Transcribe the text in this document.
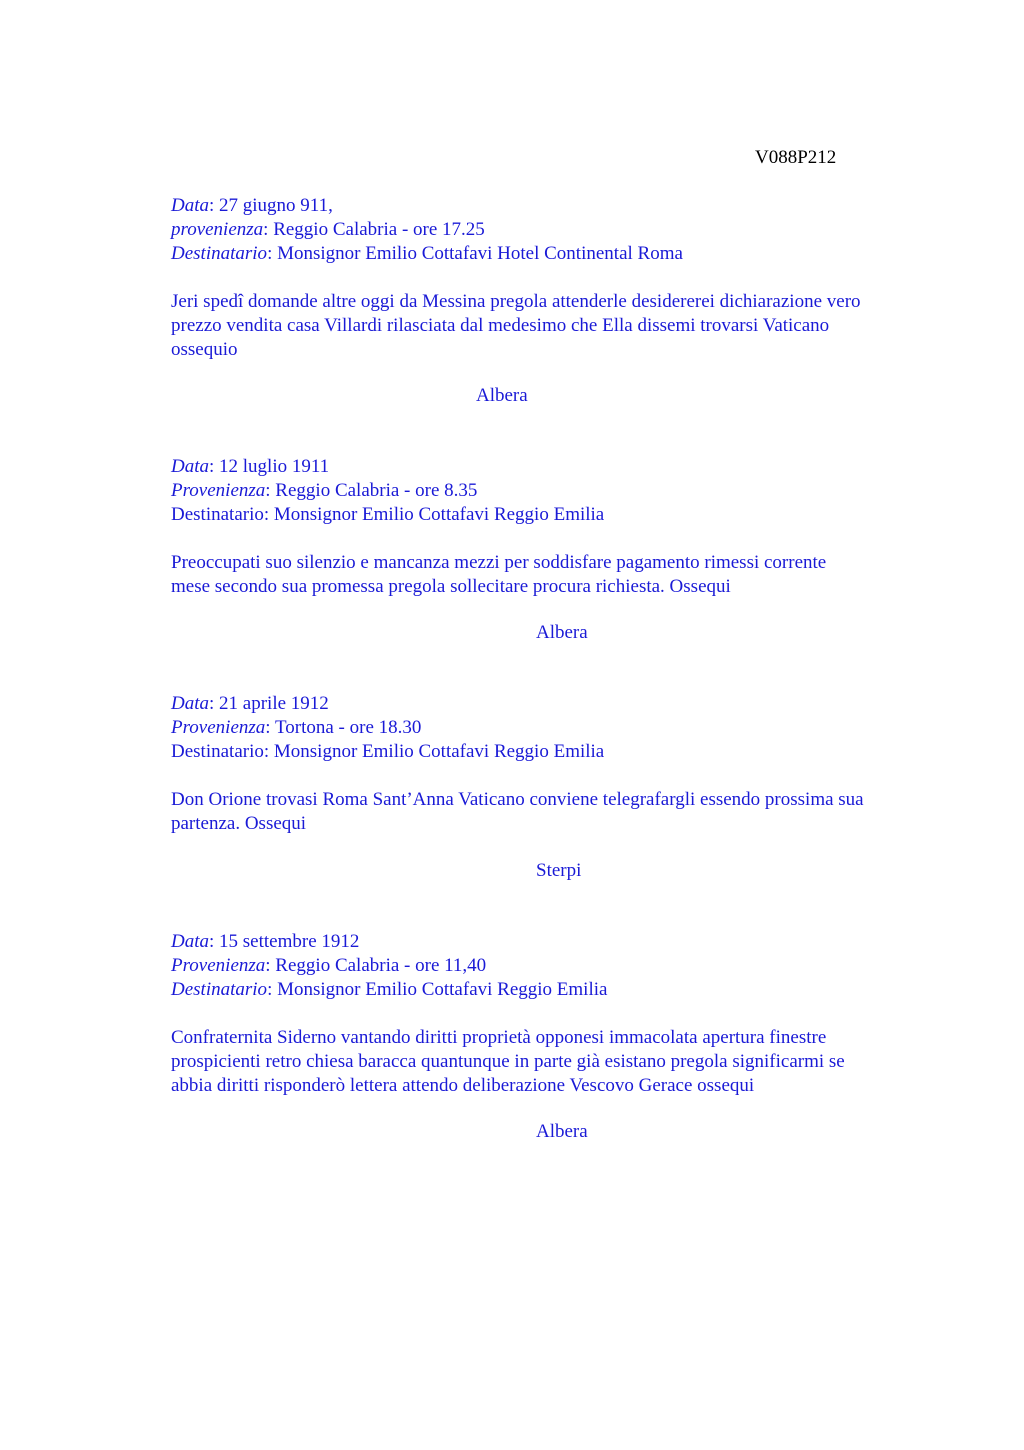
V088P212
Data: 27 giugno 911,
provenienza: Reggio Calabria - ore 17.25
Destinatario: Monsignor Emilio Cottafavi Hotel Continental Roma
Jeri spedî domande altre oggi da Messina pregola attenderle desidererei dichiarazione vero
prezzo vendita casa Villardi rilasciata dal medesimo che Ella dissemi trovarsi Vaticano
ossequio
Albera
Data: 12 luglio 1911
Provenienza: Reggio Calabria - ore 8.35
Destinatario: Monsignor Emilio Cottafavi Reggio Emilia
Preoccupati suo silenzio e mancanza mezzi per soddisfare pagamento rimessi corrente
mese secondo sua promessa pregola sollecitare procura richiesta. Ossequi
Albera
Data: 21 aprile 1912
Provenienza: Tortona - ore 18.30
Destinatario: Monsignor Emilio Cottafavi Reggio Emilia
Don Orione trovasi Roma Sant’Anna Vaticano conviene telegrafargli essendo prossima sua
partenza. Ossequi
Sterpi
Data: 15 settembre 1912
Provenienza: Reggio Calabria - ore 11,40
Destinatario: Monsignor Emilio Cottafavi Reggio Emilia
Confraternita Siderno vantando diritti proprietà opponesi immacolata apertura finestre
prospicienti retro chiesa baracca quantunque in parte già esistano pregola significarmi se
abbia diritti risponderò lettera attendo deliberazione Vescovo Gerace ossequi
Albera
